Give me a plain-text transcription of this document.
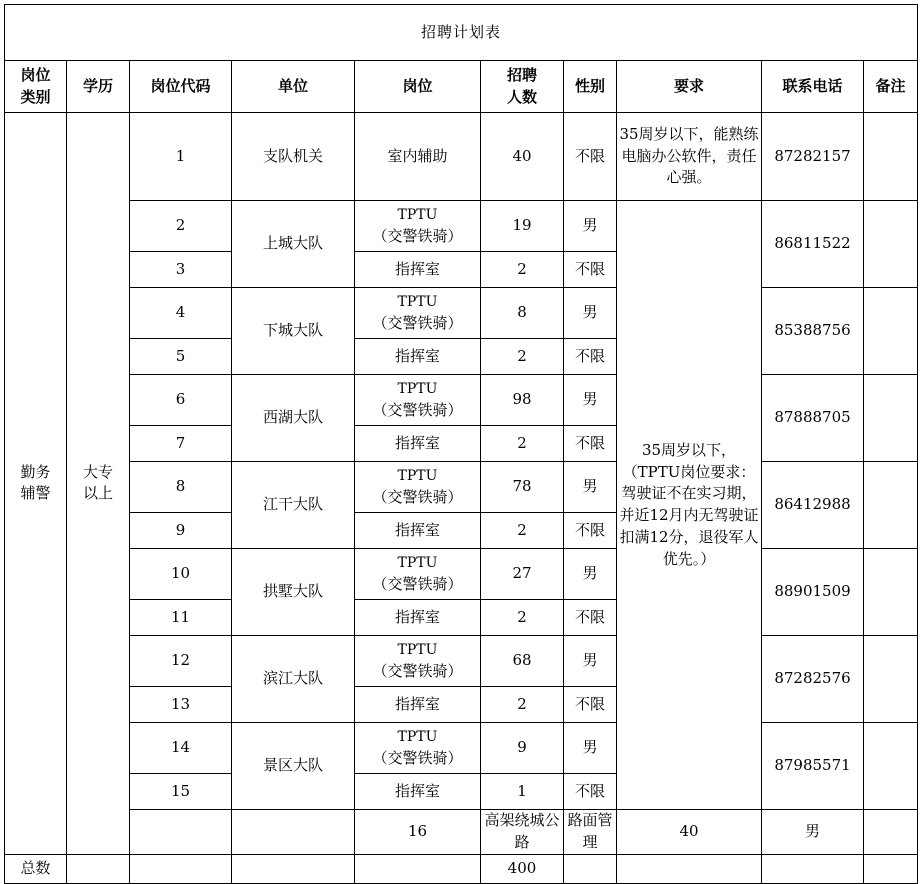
招聘计划表										
岗位类别	学历	岗位代码	单位	岗位	招聘人数	性别	要求	联系电话	备注	
勤务辅警	大专以上	1	支队机关	室内辅助	40	不限	35周岁以下，能熟练电脑办公软件，责任心强。	87282157		
		2	上城大队	TPTU
（交警铁骑）	19	男	35周岁以下，（TPTU岗位要求：驾驶证不在实习期，并近12月内无驾驶证扣满12分，退役军人优先。）	86811522		
		3		指挥室	2	不限				
		4	下城大队	TPTU
（交警铁骑）	8	男		85388756		
		5		指挥室	2	不限				
		6	西湖大队	TPTU
（交警铁骑）	98	男		87888705		
		7		指挥室	2	不限				
		8	江干大队	TPTU
（交警铁骑）	78	男		86412988		
		9		指挥室	2	不限				
		10	拱墅大队	TPTU
（交警铁骑）	27	男		88901509		
		11		指挥室	2	不限				
		12	滨江大队	TPTU
（交警铁骑）	68	男		87282576		
		13		指挥室	2	不限				
		14	景区大队	TPTU
（交警铁骑）	9	男		87985571		
		15		指挥室	1	不限				
				16	高架绕城公路	路面管理	40	男			
总数					400					
